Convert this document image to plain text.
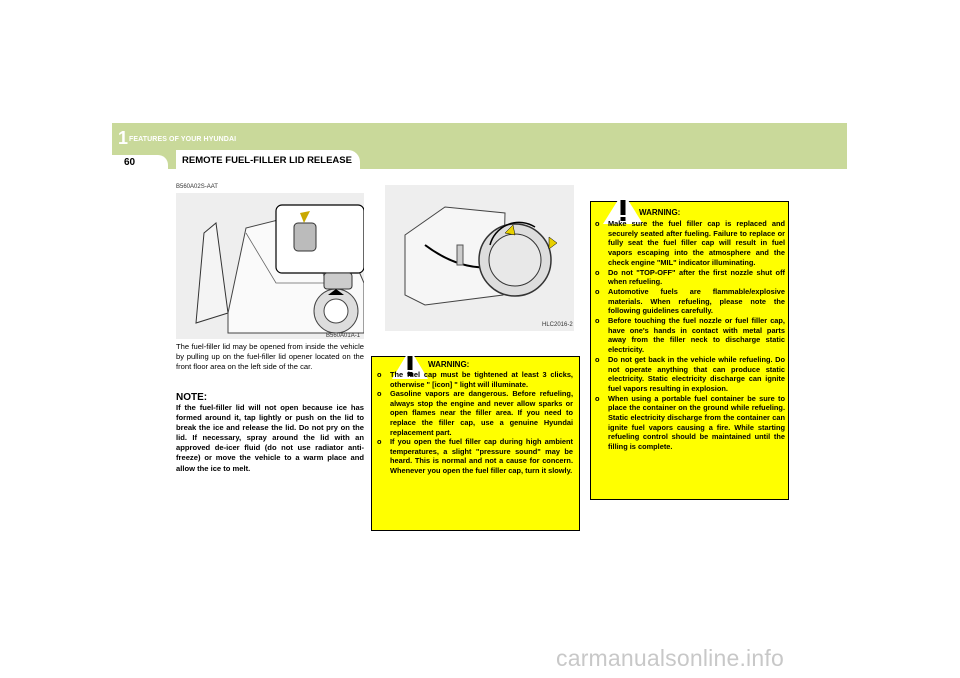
1 FEATURES OF YOUR HYUNDAI
60	REMOTE FUEL-FILLER LID RELEASE
B560A02S-AAT
B560A01A-1
The fuel-filler lid may be opened from inside the vehicle by pulling up on the fuel-filler lid opener located on the front floor area on the left side of the car.
NOTE:
If the fuel-filler lid will not open because ice has formed around it, tap lightly or push on the lid to break the ice and release the lid. Do not pry on the lid. If necessary, spray around the lid with an approved de-icer fluid (do not use radiator anti-freeze) or move the vehicle to a warm place and allow the ice to melt.
HLC2016-2
WARNING:
o The fuel cap must be tightened at least 3 clicks, otherwise " [icon] " light will illuminate.
o Gasoline vapors are dangerous. Before refueling, always stop the engine and never allow sparks or open flames near the filler area. If you need to replace the filler cap, use a genuine Hyundai replacement part.
o If you open the fuel filler cap during high ambient temperatures, a slight "pressure sound" may be heard. This is normal and not a cause for concern. Whenever you open the fuel filler cap, turn it slowly.
WARNING:
o Make sure the fuel filler cap is replaced and securely seated after fueling. Failure to replace or fully seat the fuel filler cap will result in fuel vapors escaping into the atmosphere and the check engine "MIL" indicator illuminating.
o Do not "TOP-OFF" after the first nozzle shut off when refueling.
o Automotive fuels are flammable/explosive materials. When refueling, please note the following guidelines carefully.
o Before touching the fuel nozzle or fuel filler cap, have one's hands in contact with metal parts away from the filler neck to discharge static electricity.
o Do not get back in the vehicle while refueling. Do not operate anything that can produce static electricity. Static electricity discharge can ignite fuel vapors resulting in explosion.
o When using a portable fuel container be sure to place the container on the ground while refueling. Static electricity discharge from the container can ignite fuel vapors causing a fire. While starting refueling control should be maintained until the filling is complete.
carmanualsonline.info
